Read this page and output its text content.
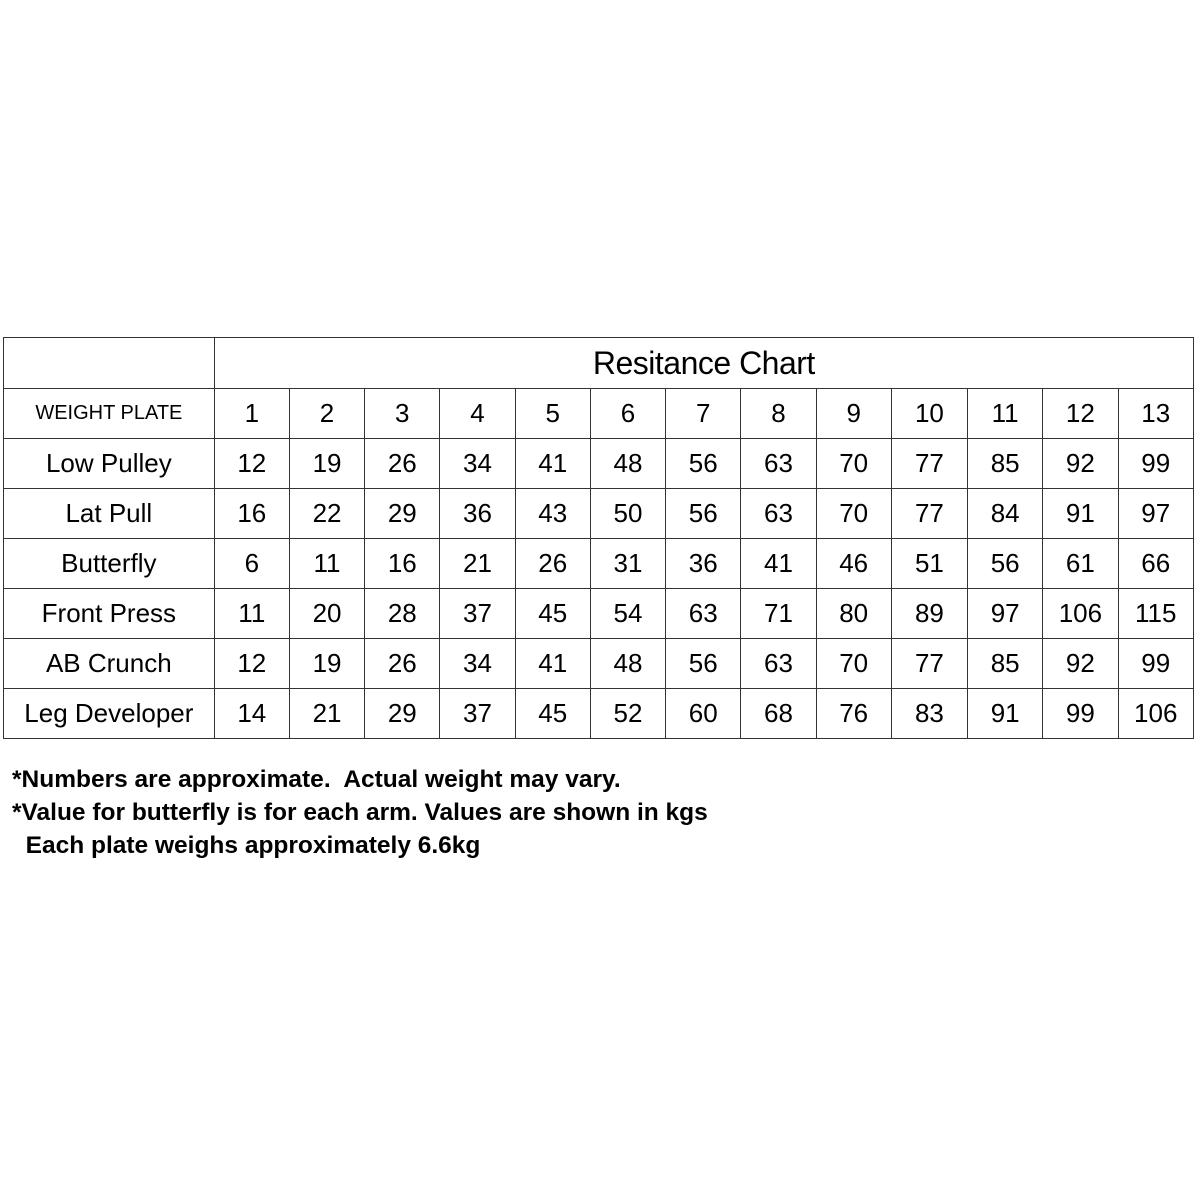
	Resitance Chart												
WEIGHT PLATE	1	2	3	4	5	6	7	8	9	10	11	12	13
Low Pulley	12	19	26	34	41	48	56	63	70	77	85	92	99
Lat Pull	16	22	29	36	43	50	56	63	70	77	84	91	97
Butterfly	6	11	16	21	26	31	36	41	46	51	56	61	66
Front Press	11	20	28	37	45	54	63	71	80	89	97	106	115
AB Crunch	12	19	26	34	41	48	56	63	70	77	85	92	99
Leg Developer	14	21	29	37	45	52	60	68	76	83	91	99	106
*Numbers are approximate.  Actual weight may vary.
*Value for butterfly is for each arm. Values are shown in kgs
Each plate weighs approximately 6.6kg
